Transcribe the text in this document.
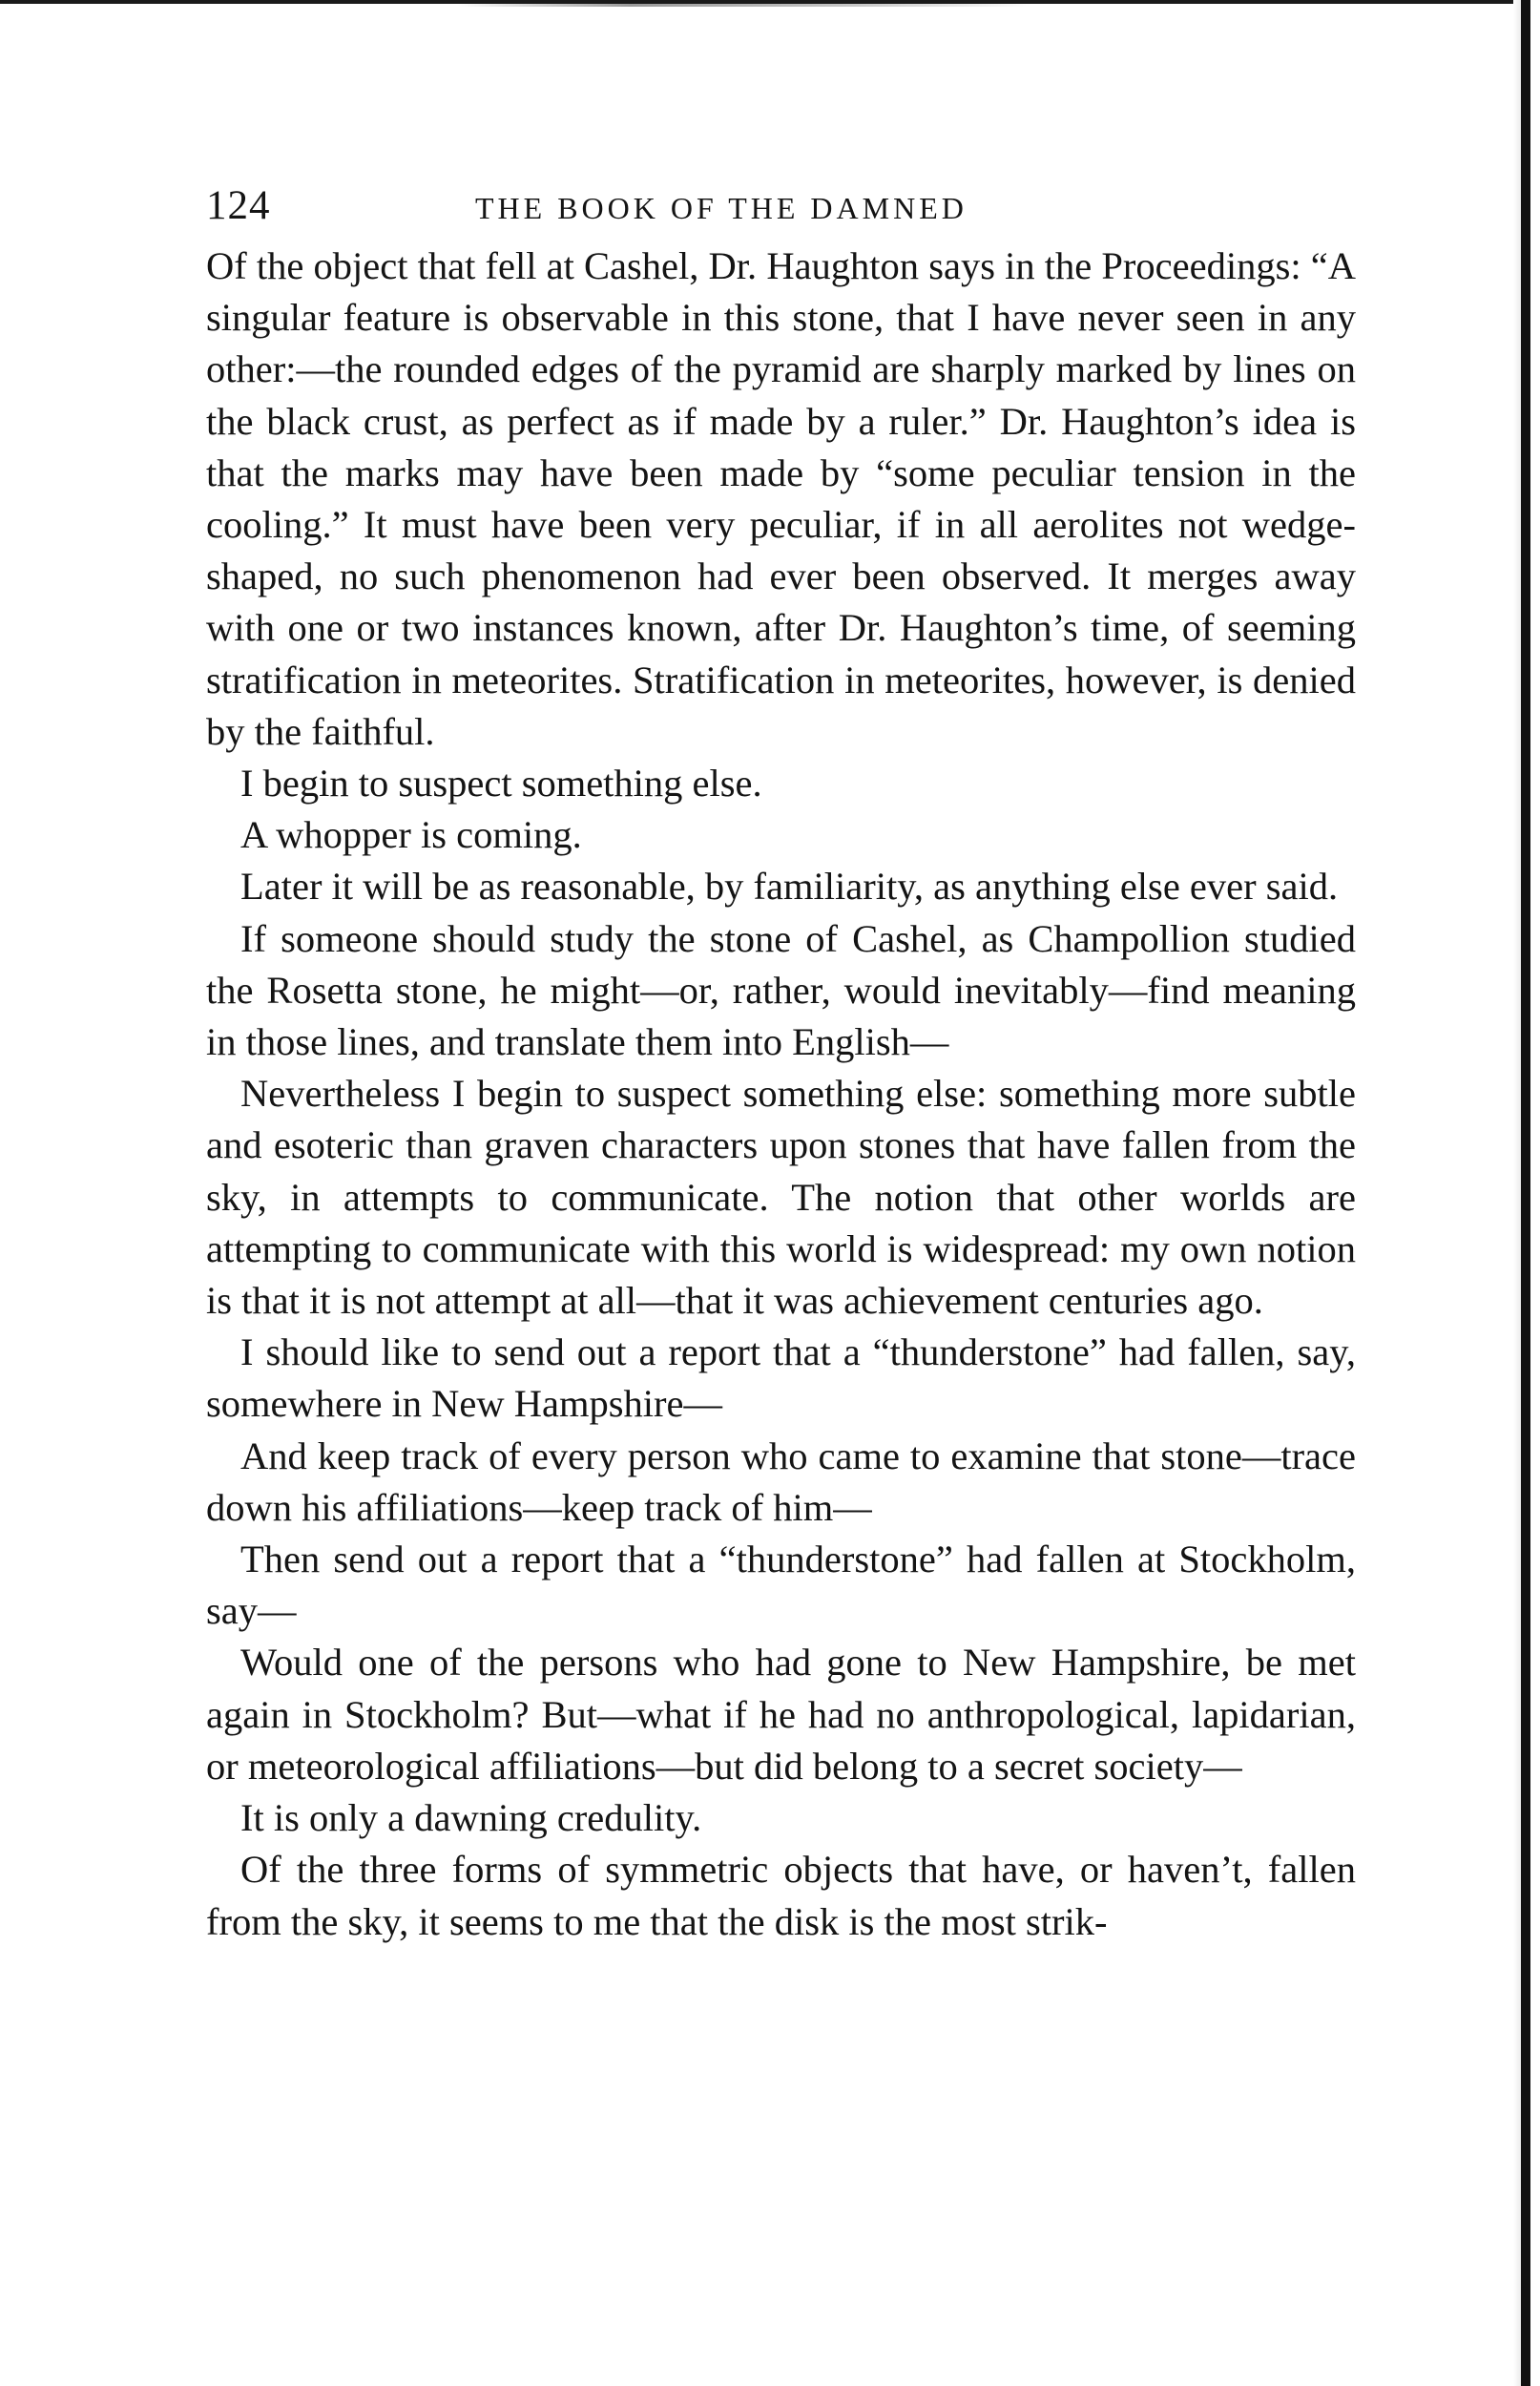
124	THE BOOK OF THE DAMNED

Of the object that fell at Cashel, Dr. Haughton says in the Proceedings: “A singular feature is observable in this stone, that I have never seen in any other:—the rounded edges of the pyramid are sharply marked by lines on the black crust, as perfect as if made by a ruler.” Dr. Haughton’s idea is that the marks may have been made by “some peculiar tension in the cooling.” It must have been very peculiar, if in all aerolites not wedge-shaped, no such phenomenon had ever been observed. It merges away with one or two instances known, after Dr. Haughton’s time, of seeming stratification in meteorites. Stratification in meteorites, however, is denied by the faithful.

I begin to suspect something else.

A whopper is coming.

Later it will be as reasonable, by familiarity, as anything else ever said.

If someone should study the stone of Cashel, as Champollion studied the Rosetta stone, he might—or, rather, would inevitably—find meaning in those lines, and translate them into English—

Nevertheless I begin to suspect something else: something more subtle and esoteric than graven characters upon stones that have fallen from the sky, in attempts to communicate. The notion that other worlds are attempting to communicate with this world is widespread: my own notion is that it is not attempt at all—that it was achievement centuries ago.

I should like to send out a report that a “thunderstone” had fallen, say, somewhere in New Hampshire—

And keep track of every person who came to examine that stone—trace down his affiliations—keep track of him—

Then send out a report that a “thunderstone” had fallen at Stockholm, say—

Would one of the persons who had gone to New Hampshire, be met again in Stockholm? But—what if he had no anthropological, lapidarian, or meteorological affiliations—but did belong to a secret society—

It is only a dawning credulity.

Of the three forms of symmetric objects that have, or haven’t, fallen from the sky, it seems to me that the disk is the most strik-
